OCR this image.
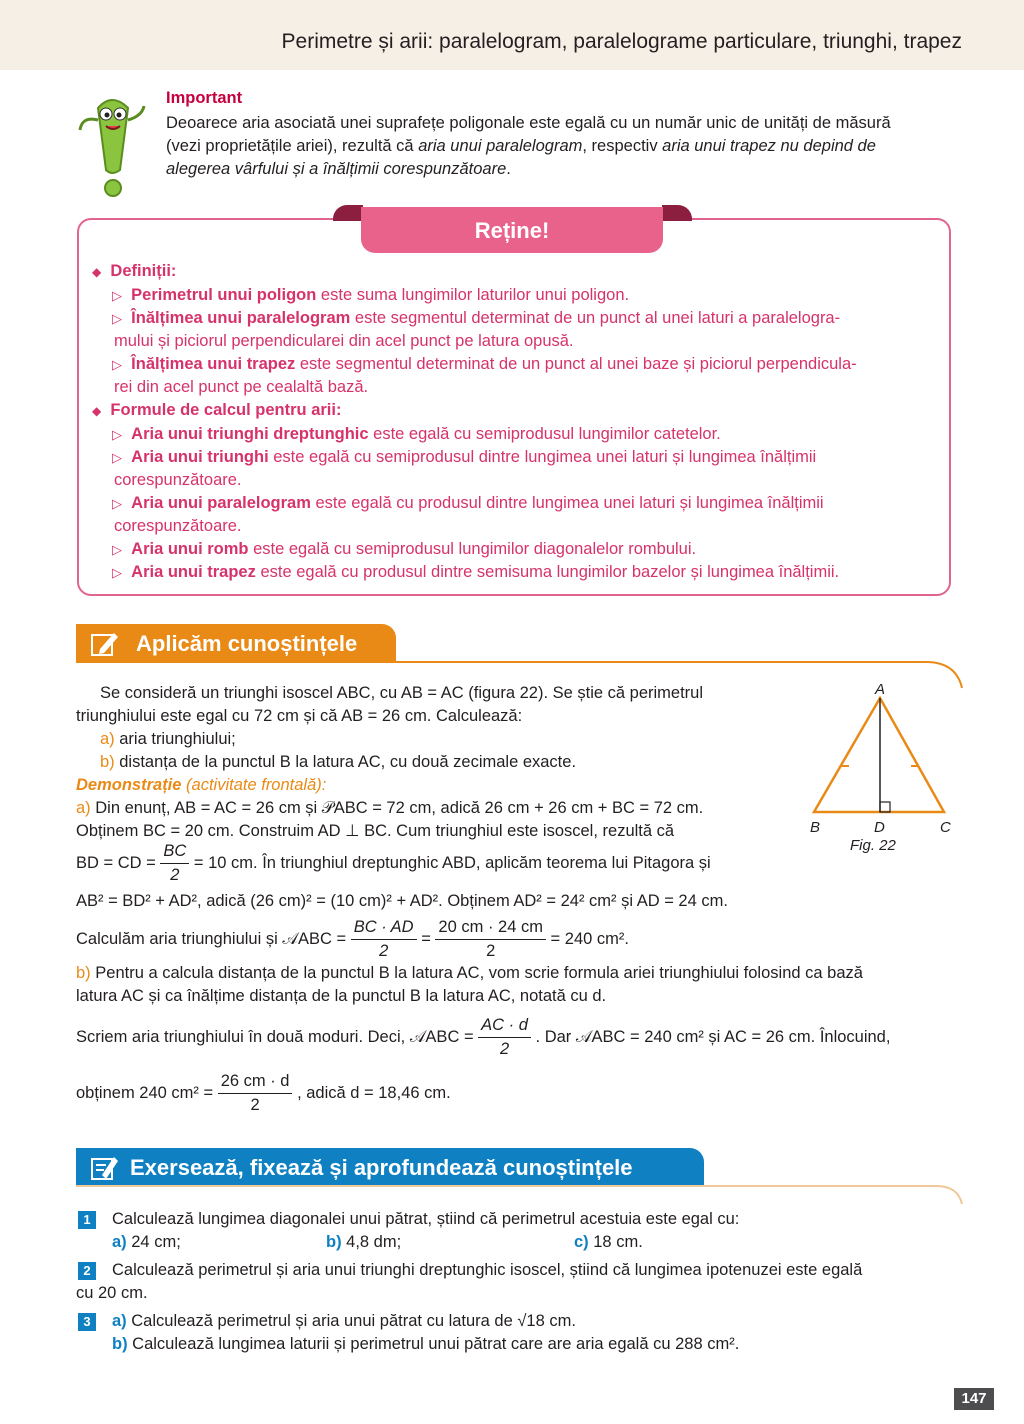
Perimetre și arii: paralelogram, paralelograme particulare, triunghi, trapez
Important
Deoarece aria asociată unei suprafețe poligonale este egală cu un număr unic de unități de măsură
(vezi proprietățile ariei), rezultă că aria unui paralelogram, respectiv aria unui trapez nu depind de
alegerea vârfului și a înălțimii corespunzătoare.
Reține!
◆ Definiții:
▷ Perimetrul unui poligon este suma lungimilor laturilor unui poligon.
▷ Înălțimea unui paralelogram este segmentul determinat de un punct al unei laturi a paralelogra-
mului și piciorul perpendicularei din acel punct pe latura opusă.
▷ Înălțimea unui trapez este segmentul determinat de un punct al unei baze și piciorul perpendicula-
rei din acel punct pe cealaltă bază.
◆ Formule de calcul pentru arii:
▷ Aria unui triunghi dreptunghic este egală cu semiprodusul lungimilor catetelor.
▷ Aria unui triunghi este egală cu semiprodusul dintre lungimea unei laturi și lungimea înălțimii
corespunzătoare.
▷ Aria unui paralelogram este egală cu produsul dintre lungimea unei laturi și lungimea înălțimii
corespunzătoare.
▷ Aria unui romb este egală cu semiprodusul lungimilor diagonalelor rombului.
▷ Aria unui trapez este egală cu produsul dintre semisuma lungimilor bazelor și lungimea înălțimii.
Aplicăm cunoștințele
Se consideră un triunghi isoscel ABC, cu AB = AC (figura 22). Se știe că perimetrul
triunghiului este egal cu 72 cm și că AB = 26 cm. Calculează:
a) aria triunghiului;
b) distanța de la punctul B la latura AC, cu două zecimale exacte.
Demonstrație (activitate frontală):
a) Din enunț, AB = AC = 26 cm și 𝒫ABC = 72 cm, adică 26 cm + 26 cm + BC = 72 cm.
Obținem BC = 20 cm. Construim AD ⊥ BC. Cum triunghiul este isoscel, rezultă că
BD = CD = $\frac{BC}{2} = 10$ cm. În triunghiul dreptunghic ABD, aplicăm teorema lui Pitagora și
AB² = BD² + AD², adică (26 cm)² = (10 cm)² + AD². Obținem AD² = 24² cm² și AD = 24 cm.
Calculăm aria triunghiului și 𝒜ABC = $\frac{BC \cdot AD}{2} = \frac{20 cm \cdot 24 cm}{2} = 240$ cm².
b) Pentru a calcula distanța de la punctul B la latura AC, vom scrie formula ariei triunghiului folosind ca bază
latura AC și ca înălțime distanța de la punctul B la latura AC, notată cu d.
Scriem aria triunghiului în două moduri. Deci, 𝒜ABC = $\frac{AC \cdot d}{2}$ . Dar 𝒜ABC = 240 cm² și AC = 26 cm. Înlocuind,
obținem 240 $cm^2 = \frac{26 cm \cdot d}{2}$ , adică d = 18,46 cm.
A
B	C
D
Fig. 22
Exersează, fixează și aprofundează cunoștințele
1	Calculează lungimea diagonalei unui pătrat, știind că perimetrul acestuia este egal cu:
a) 24 cm;	b) 4,8 dm;	c) 18 cm.
2	Calculează perimetrul și aria unui triunghi dreptunghic isoscel, știind că lungimea ipotenuzei este egală
cu 20 cm.
3	a) Calculează perimetrul și aria unui pătrat cu latura de √18 cm.
b) Calculează lungimea laturii și perimetrul unui pătrat care are aria egală cu 288 cm².
147
